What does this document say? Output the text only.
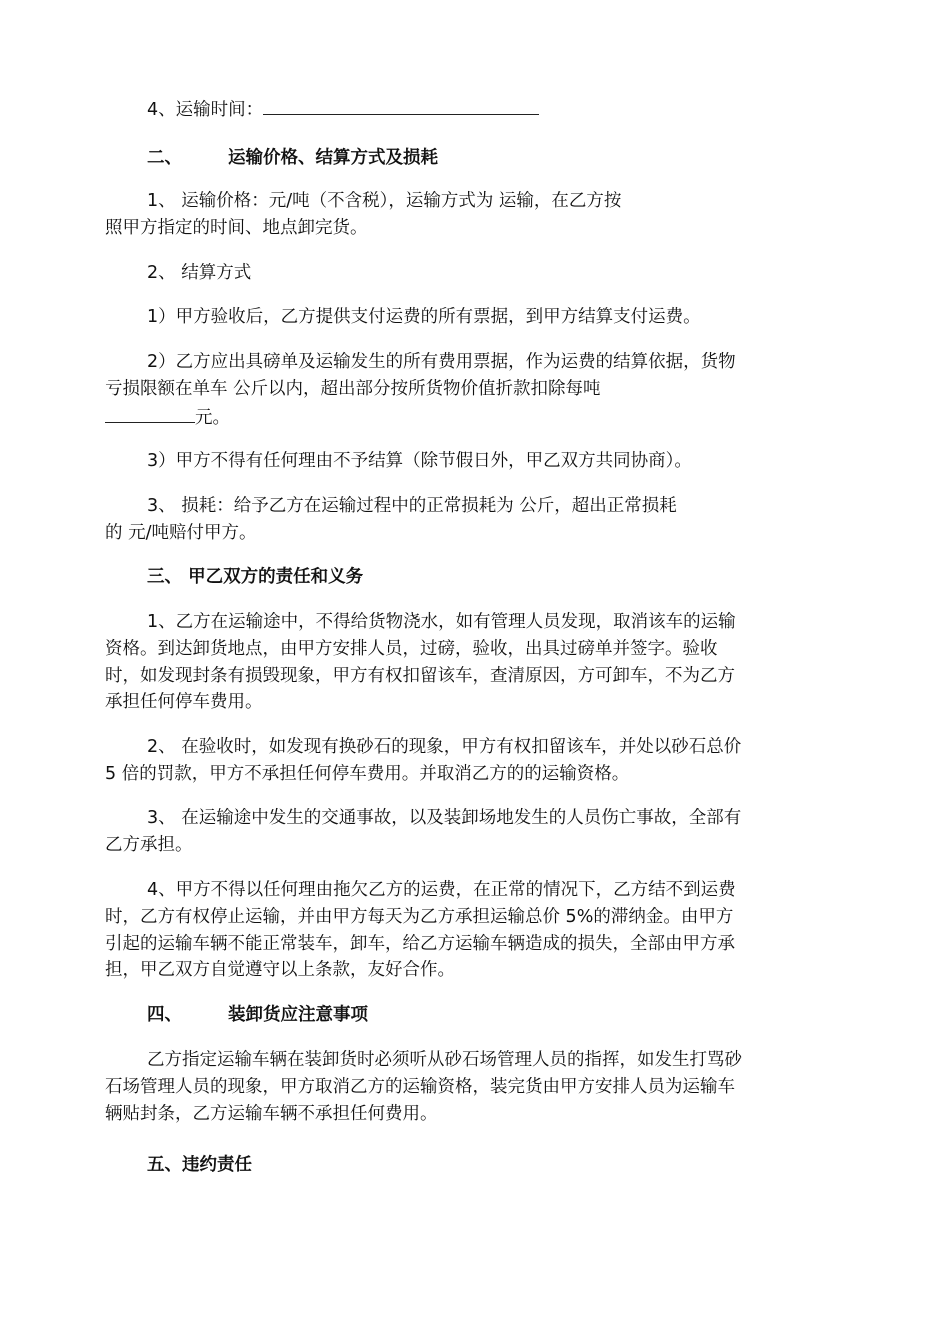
4、运输时间：
二、	运输价格、结算方式及损耗
1、 运输价格：元/吨（不含税），运输方式为 运输，在乙方按
照甲方指定的时间、地点卸完货。
2、 结算方式
1）甲方验收后，乙方提供支付运费的所有票据，到甲方结算支付运费。
2）乙方应出具磅单及运输发生的所有费用票据，作为运费的结算依据，货物
亏损限额在单车 公斤以内，超出部分按所货物价值折款扣除每吨
元。
3）甲方不得有任何理由不予结算（除节假日外，甲乙双方共同协商）。
3、 损耗：给予乙方在运输过程中的正常损耗为 公斤，超出正常损耗
的 元/吨赔付甲方。
三、 甲乙双方的责任和义务
1、乙方在运输途中，不得给货物浇水，如有管理人员发现，取消该车的运输
资格。到达卸货地点，由甲方安排人员，过磅，验收，出具过磅单并签字。验收
时，如发现封条有损毁现象，甲方有权扣留该车，查清原因，方可卸车，不为乙方
承担任何停车费用。
2、 在验收时，如发现有换砂石的现象，甲方有权扣留该车，并处以砂石总价
5 倍的罚款，甲方不承担任何停车费用。并取消乙方的的运输资格。
3、 在运输途中发生的交通事故，以及装卸场地发生的人员伤亡事故，全部有
乙方承担。
4、甲方不得以任何理由拖欠乙方的运费，在正常的情况下，乙方结不到运费
时，乙方有权停止运输，并由甲方每天为乙方承担运输总价 5%的滞纳金。由甲方
引起的运输车辆不能正常装车，卸车，给乙方运输车辆造成的损失，全部由甲方承
担，甲乙双方自觉遵守以上条款，友好合作。
四、	装卸货应注意事项
乙方指定运输车辆在装卸货时必须听从砂石场管理人员的指挥，如发生打骂砂
石场管理人员的现象，甲方取消乙方的运输资格，装完货由甲方安排人员为运输车
辆贴封条，乙方运输车辆不承担任何费用。
五、违约责任
